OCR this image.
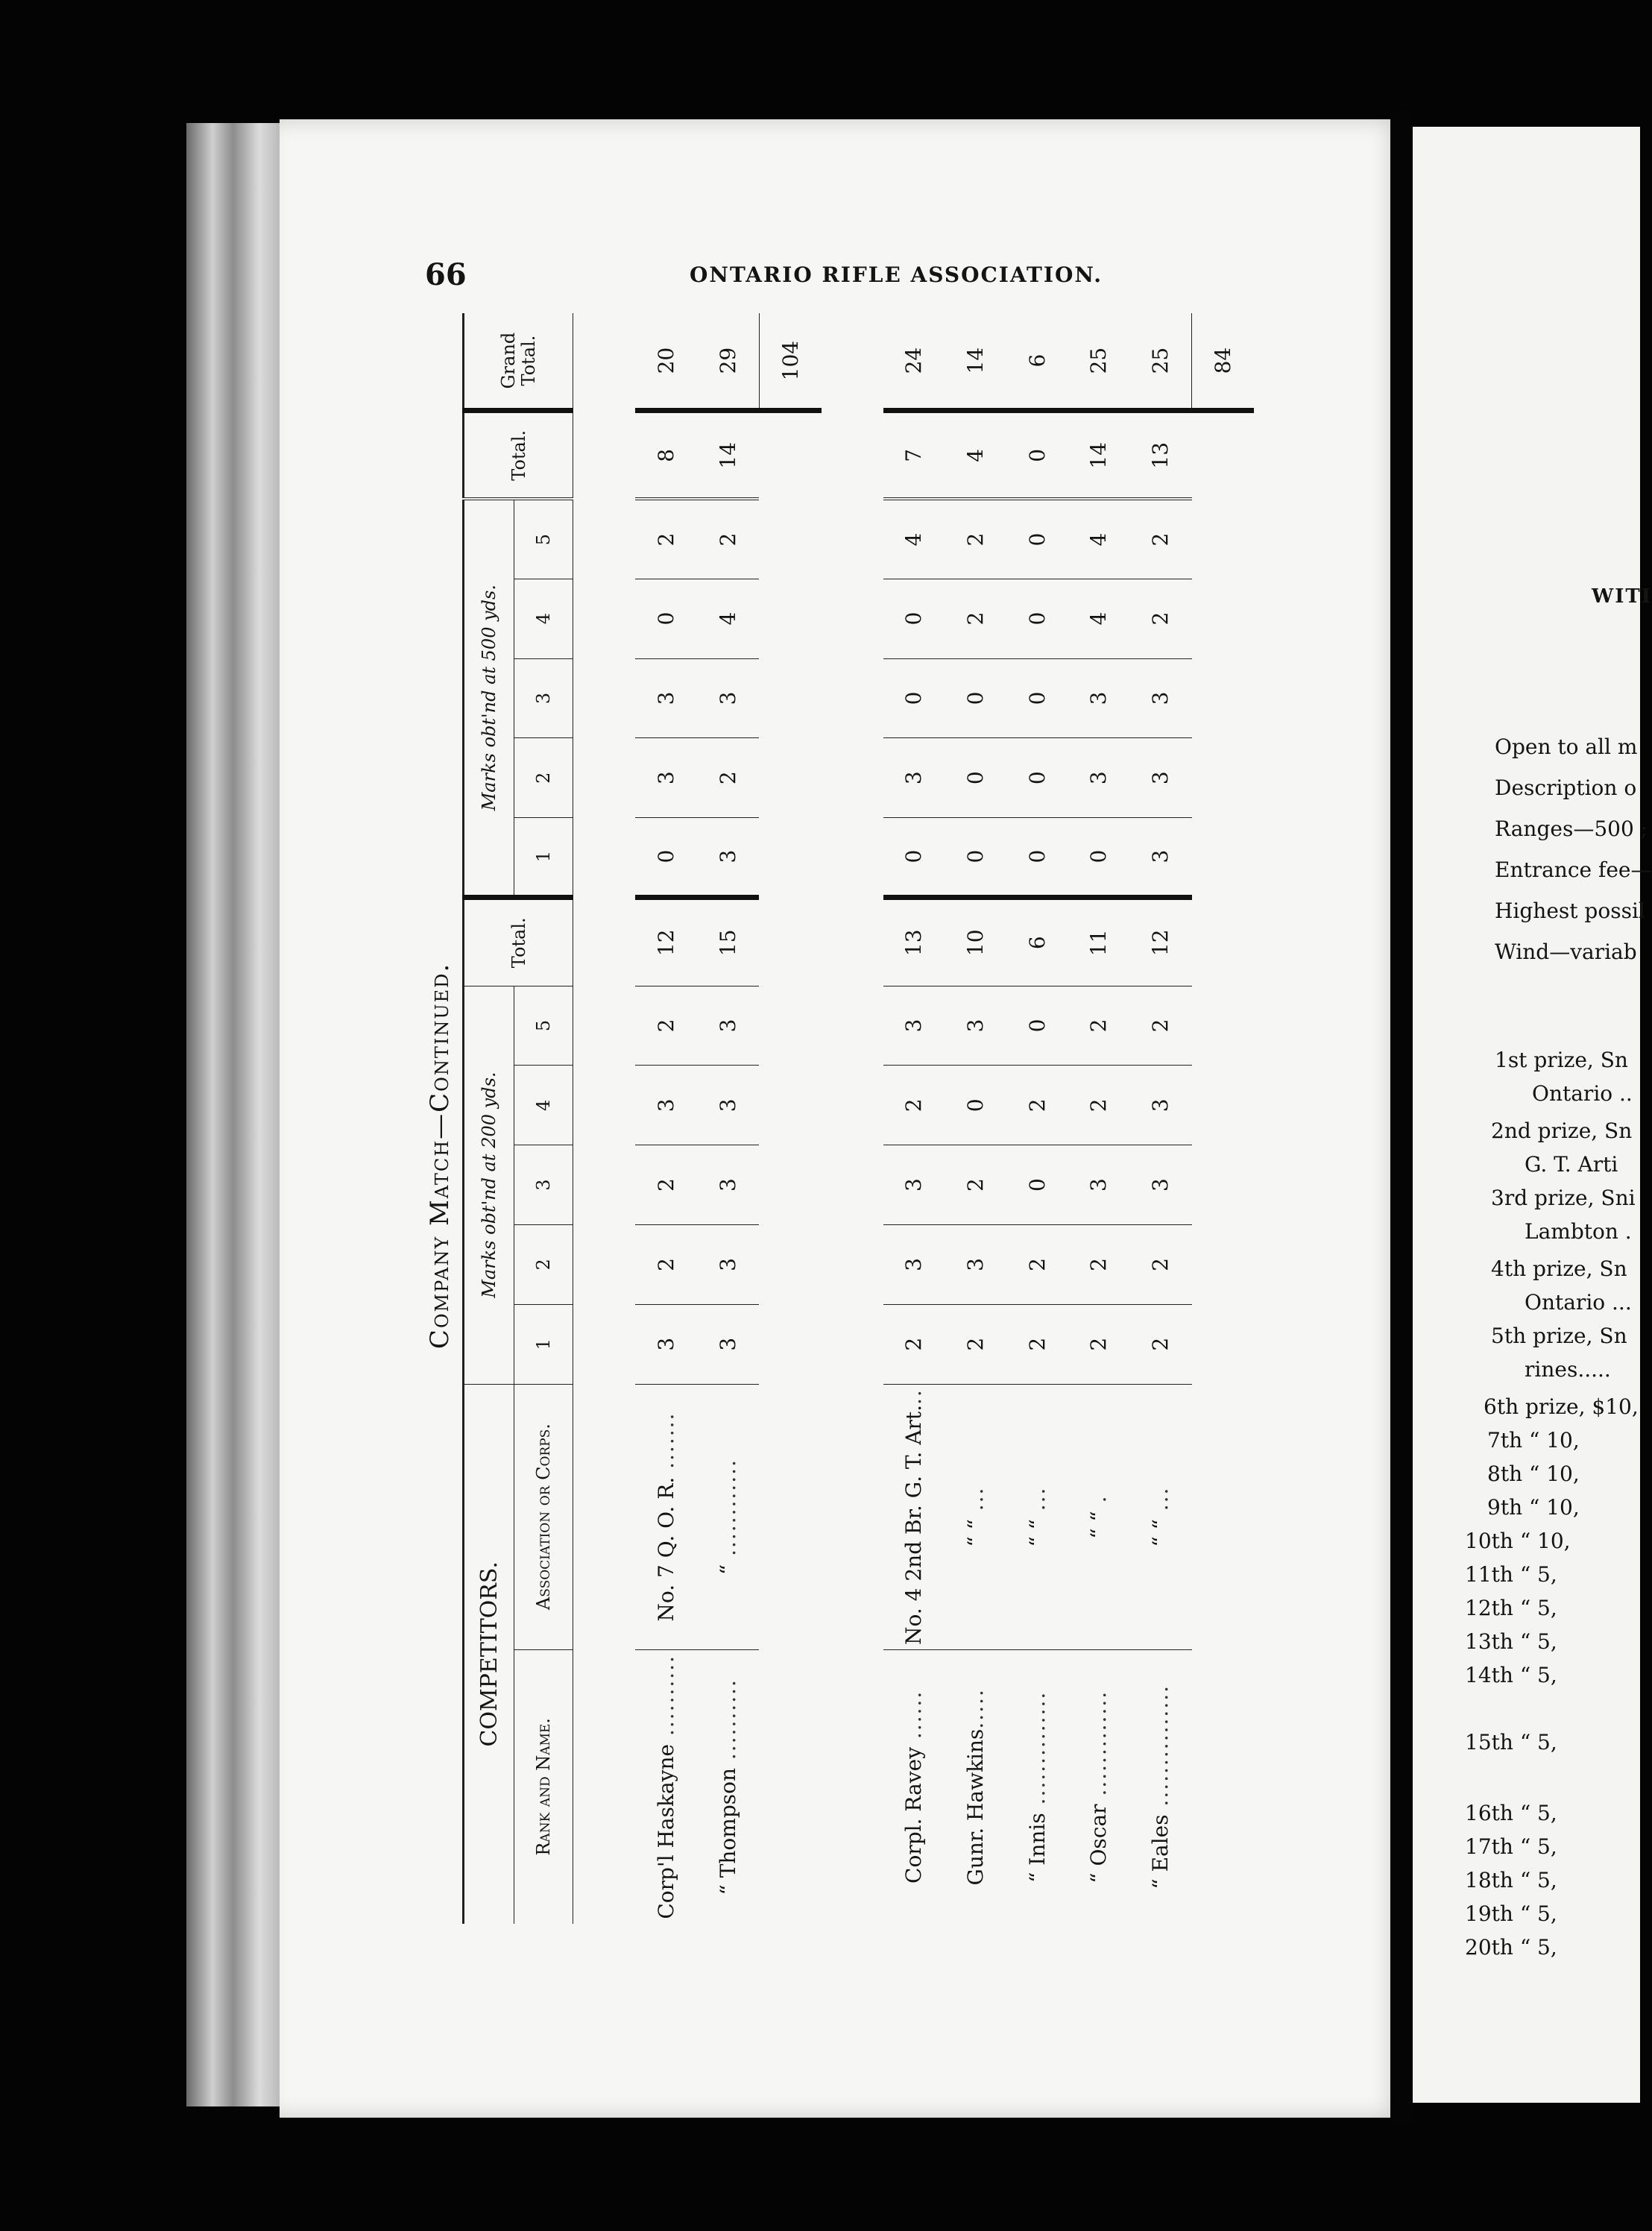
66	ONTARIO RIFLE ASSOCIATION.
Company Match—Continued.
COMPETITORS.		Marks obt'nd at 200 yds.					Total.	Marks obt'nd at 500 yds.					Total.	Grand Total.
Rank and Name.	Association or Corps.	1	2	3	4	5		1	2	3	4	5		

Corp'l Haskayne ..........	No. 7 Q. O. R. .......	3	2	2	3	2	12	0	3	3	0	2	8	20
“ Thompson ..........	“ ............	3	3	3	3	3	15	3	2	3	4	2	14	29
														104

Corpl. Ravey ......	No. 4 2nd Br. G. T. Art...	2	3	3	2	3	13	0	3	0	0	4	7	24
Gunr. Hawkins.....	“ “ ...	2	3	2	0	3	10	0	0	0	2	2	4	14
“ Innis ..............	“ “ ...	2	2	0	2	0	6	0	0	0	0	0	0	6
“ Oscar .............	“ “ .	2	2	3	2	2	11	0	3	3	4	4	14	25
“ Eales ...............	“ “ ...	2	2	3	3	2	12	3	3	3	2	2	13	25
														84

WITI
Open to all m
Description o
Ranges—500 ;
Entrance fee—
Highest possil
Wind—variab
1st prize, Sn
Ontario ..
2nd prize, Sn
G. T. Arti
3rd prize, Sni
Lambton .
4th prize, Sn
Ontario ...
5th prize, Sn
rines.....
6th prize, $10,
7th “ 10,
8th “ 10,
9th “ 10,
10th “ 10,
11th “ 5,
12th “ 5,
13th “ 5,
14th “ 5,
15th “ 5,
16th “ 5,
17th “ 5,
18th “ 5,
19th “ 5,
20th “ 5,
